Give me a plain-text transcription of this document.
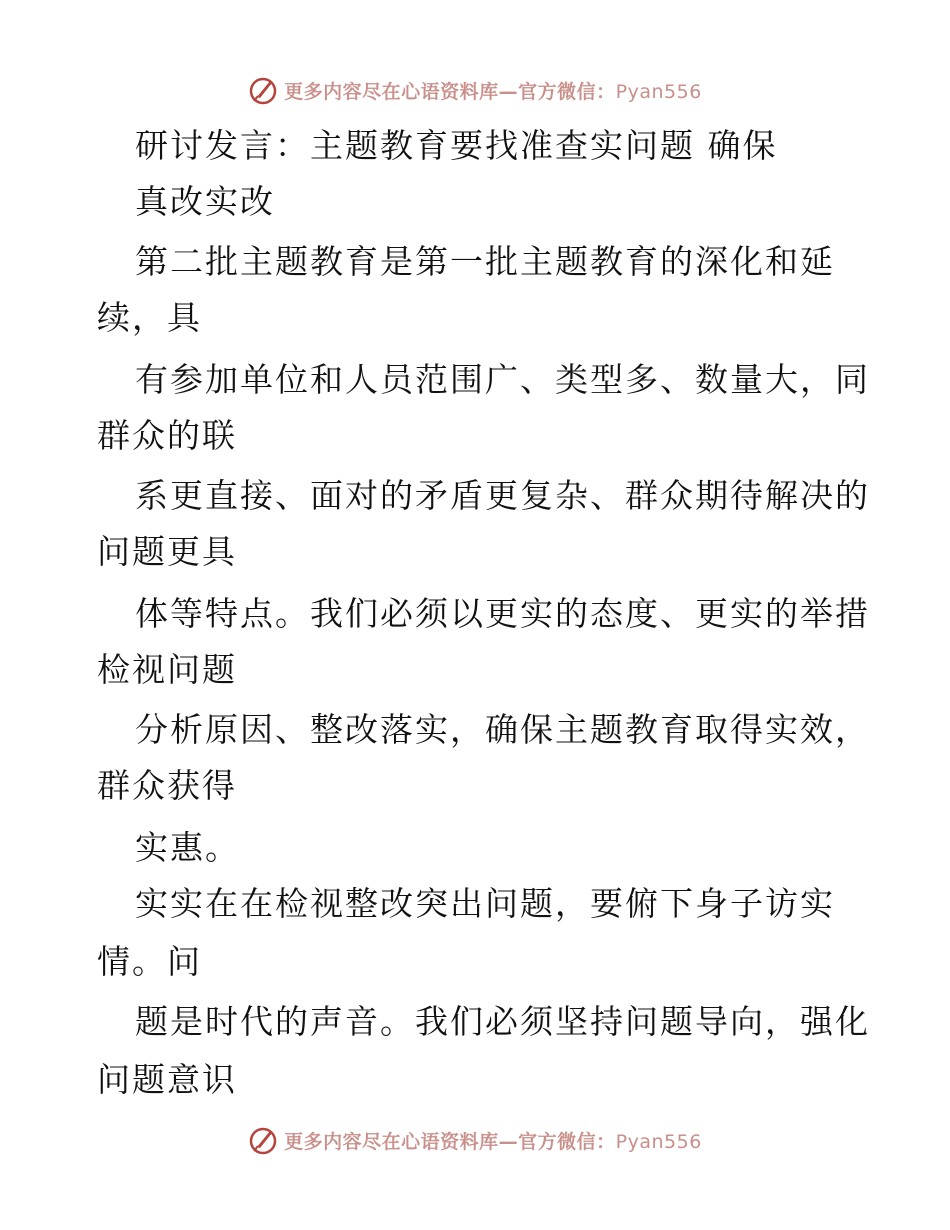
更多内容尽在心语资料库—官方微信：Pyan556
研讨发言：主题教育要找准查实问题 确保
真改实改
第二批主题教育是第一批主题教育的深化和延
续，具
有参加单位和人员范围广、类型多、数量大，同
群众的联
系更直接、面对的矛盾更复杂、群众期待解决的
问题更具
体等特点。我们必须以更实的态度、更实的举措
检视问题
分析原因、整改落实，确保主题教育取得实效，
群众获得
实惠。
实实在在检视整改突出问题，要俯下身子访实
情。问
题是时代的声音。我们必须坚持问题导向，强化
问题意识
更多内容尽在心语资料库—官方微信：Pyan556
